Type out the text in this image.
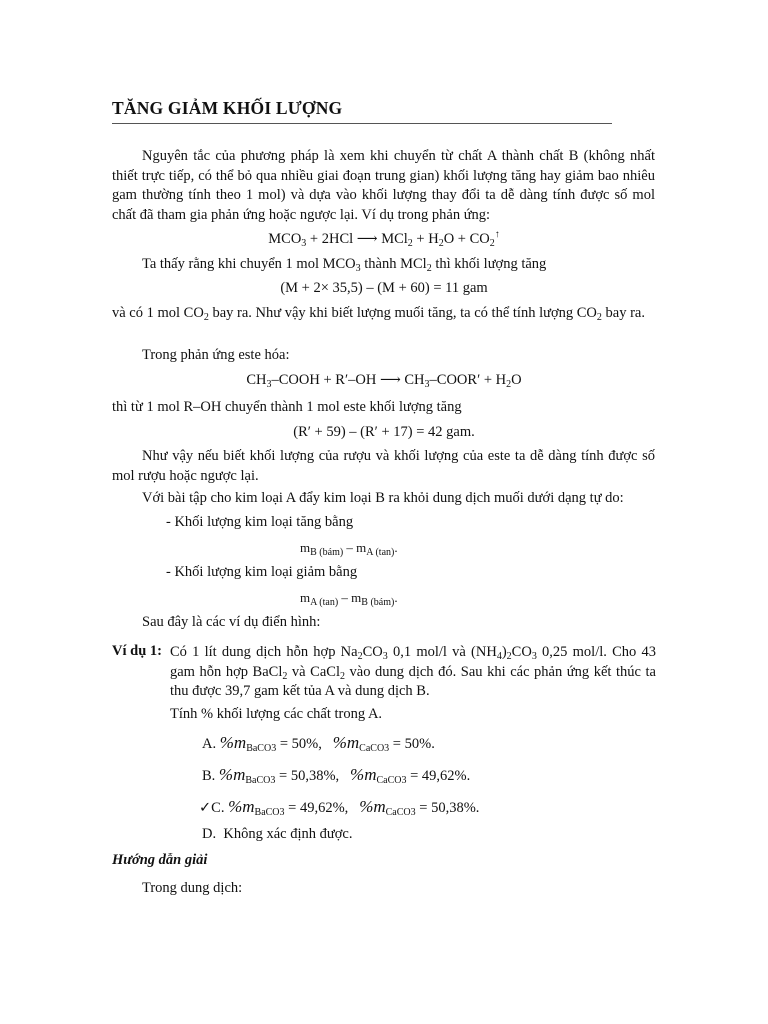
TĂNG GIẢM KHỐI LƯỢNG
Nguyên tắc của phương pháp là xem khi chuyển từ chất A thành chất B (không nhất thiết trực tiếp, có thể bỏ qua nhiều giai đoạn trung gian) khối lượng tăng hay giảm bao nhiêu gam thường tính theo 1 mol) và dựa vào khối lượng thay đổi ta dễ dàng tính được số mol chất đã tham gia phản ứng hoặc ngược lại. Ví dụ trong phản ứng:
$MCO_3 + 2HCl$ ⟶ $MCl_2 + H_2O + CO_2^↑$
Ta thấy rằng khi chuyển 1 mol $MCO_3$ thành MCl$_2$ thì khối lượng tăng
(M + 2× 35,5) – (M + 60) = 11 gam
và có 1 mol $CO_2$ bay ra. Như vậy khi biết lượng muối tăng, ta có thể tính lượng $CO_2$ bay ra.
Trong phản ứng este hóa:
$CH_3$–COOH + R′–OH ⟶ $CH_3-COOR' + H_2O$
thì từ 1 mol R–OH chuyển thành 1 mol este khối lượng tăng
(R′ + 59) – (R′ + 17) = 42 gam.
Như vậy nếu biết khối lượng của rượu và khối lượng của este ta dễ dàng tính được số mol rượu hoặc ngược lại.
Với bài tập cho kim loại A đẩy kim loại B ra khỏi dung dịch muối dưới dạng tự do:
- Khối lượng kim loại tăng bằng
$m_{B (bám)} - m_{A (tan)}$.
- Khối lượng kim loại giảm bằng
$m_{A (tan)} - m_{B (bám)}$.
Sau đây là các ví dụ điển hình:
Ví dụ 1: Có 1 lít dung dịch hỗn hợp $Na_2CO_3$ 0,1 mol/l và $(NH_4)_2CO_3$ 0,25 mol/l. Cho 43 gam hỗn hợp BaCl$_2$ và CaCl$_2$ vào dung dịch đó. Sau khi các phản ứng kết thúc ta thu được 39,7 gam kết tủa A và dung dịch B.
Tính % khối lượng các chất trong A.
A. $\%m_{BaCO3} = 50\%$, $\%m_{CaCO3} = 50\%$.
B. $\%m_{BaCO3} = 50,38\%$, $\%m_{CaCO3} = 49,62\%$.
✓C. $\%m_{BaCO3} = 49,62\%$, $\%m_{CaCO3} = 50,38\%$.
D. Không xác định được.
Hướng dẫn giải
Trong dung dịch:
